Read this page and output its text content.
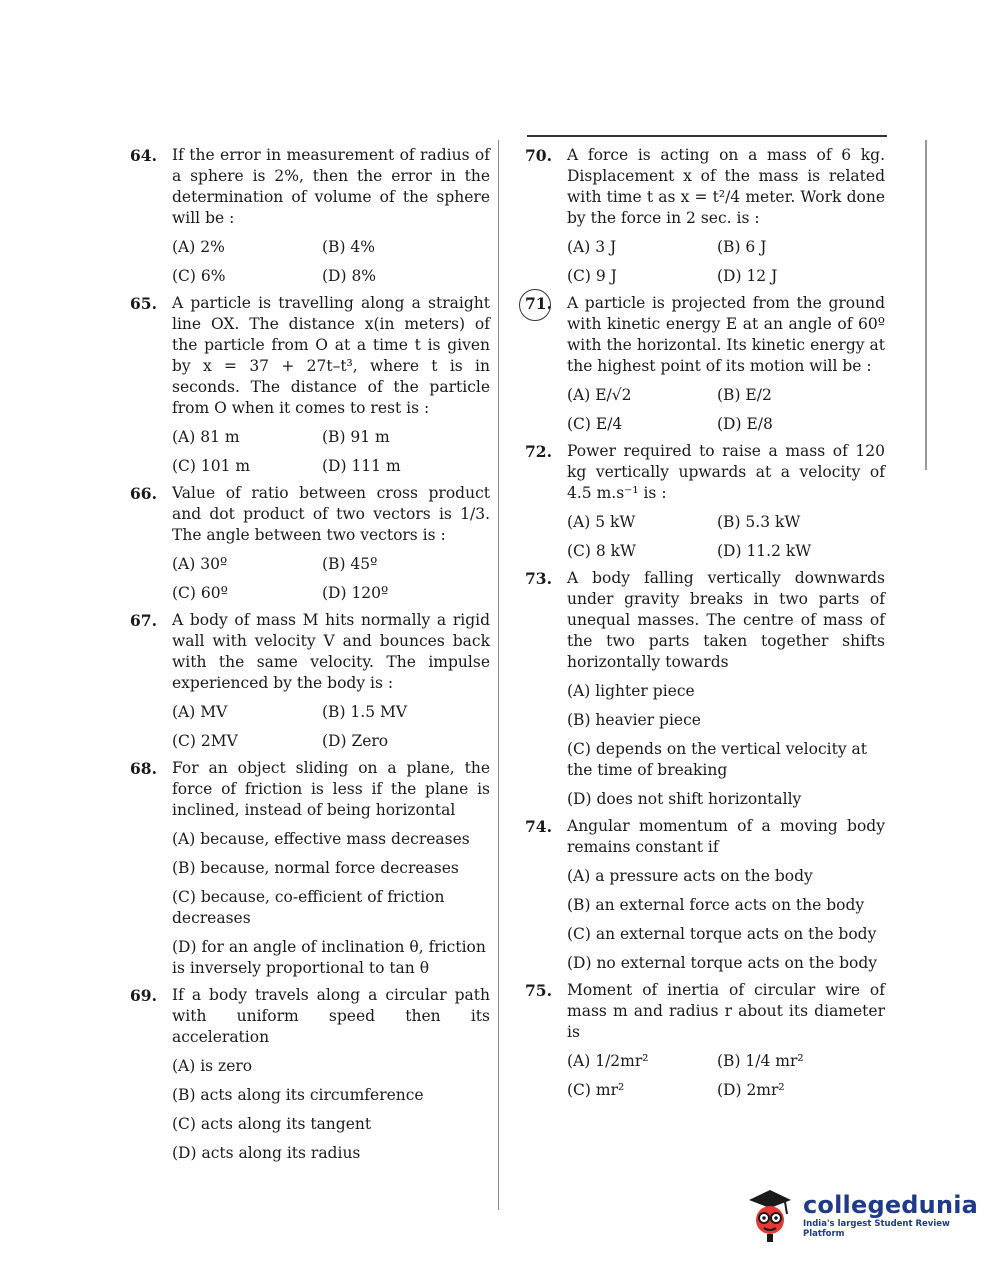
64. If the error in measurement of radius of a sphere is 2%, then the error in the determination of volume of the sphere will be :
(A) 2%	(B) 4%
(C) 6%	(D) 8%
65. A particle is travelling along a straight line OX. The distance x(in meters) of the particle from O at a time t is given by x = 37 + 27t–t³, where t is in seconds. The distance of the particle from O when it comes to rest is :
(A) 81 m	(B) 91 m
(C) 101 m	(D) 111 m
66. Value of ratio between cross product and dot product of two vectors is 1/3. The angle between two vectors is :
(A) 30º	(B) 45º
(C) 60º	(D) 120º
67. A body of mass M hits normally a rigid wall with velocity V and bounces back with the same velocity. The impulse experienced by the body is :
(A) MV	(B) 1.5 MV
(C) 2MV	(D) Zero
68. For an object sliding on a plane, the force of friction is less if the plane is inclined, instead of being horizontal
(A) because, effective mass decreases
(B) because, normal force decreases
(C) because, co-efficient of friction decreases
(D) for an angle of inclination θ, friction is inversely proportional to tan θ
69. If a body travels along a circular path with uniform speed then its acceleration
(A) is zero
(B) acts along its circumference
(C) acts along its tangent
(D) acts along its radius
70. A force is acting on a mass of 6 kg. Displacement x of the mass is related with time t as x = t²/4 meter. Work done by the force in 2 sec. is :
(A) 3 J	(B) 6 J
(C) 9 J	(D) 12 J
71. A particle is projected from the ground with kinetic energy E at an angle of 60º with the horizontal. Its kinetic energy at the highest point of its motion will be :
(A) E/√2	(B) E/2
(C) E/4	(D) E/8
72. Power required to raise a mass of 120 kg vertically upwards at a velocity of 4.5 m.s⁻¹ is :
(A) 5 kW	(B) 5.3 kW
(C) 8 kW	(D) 11.2 kW
73. A body falling vertically downwards under gravity breaks in two parts of unequal masses. The centre of mass of the two parts taken together shifts horizontally towards
(A) lighter piece
(B) heavier piece
(C) depends on the vertical velocity at the time of breaking
(D) does not shift horizontally
74. Angular momentum of a moving body remains constant if
(A) a pressure acts on the body
(B) an external force acts on the body
(C) an external torque acts on the body
(D) no external torque acts on the body
75. Moment of inertia of circular wire of mass m and radius r about its diameter is
(A) 1/2mr²	(B) 1/4 mr²
(C) mr²	(D) 2mr²
collegedunia
India's largest Student Review Platform
